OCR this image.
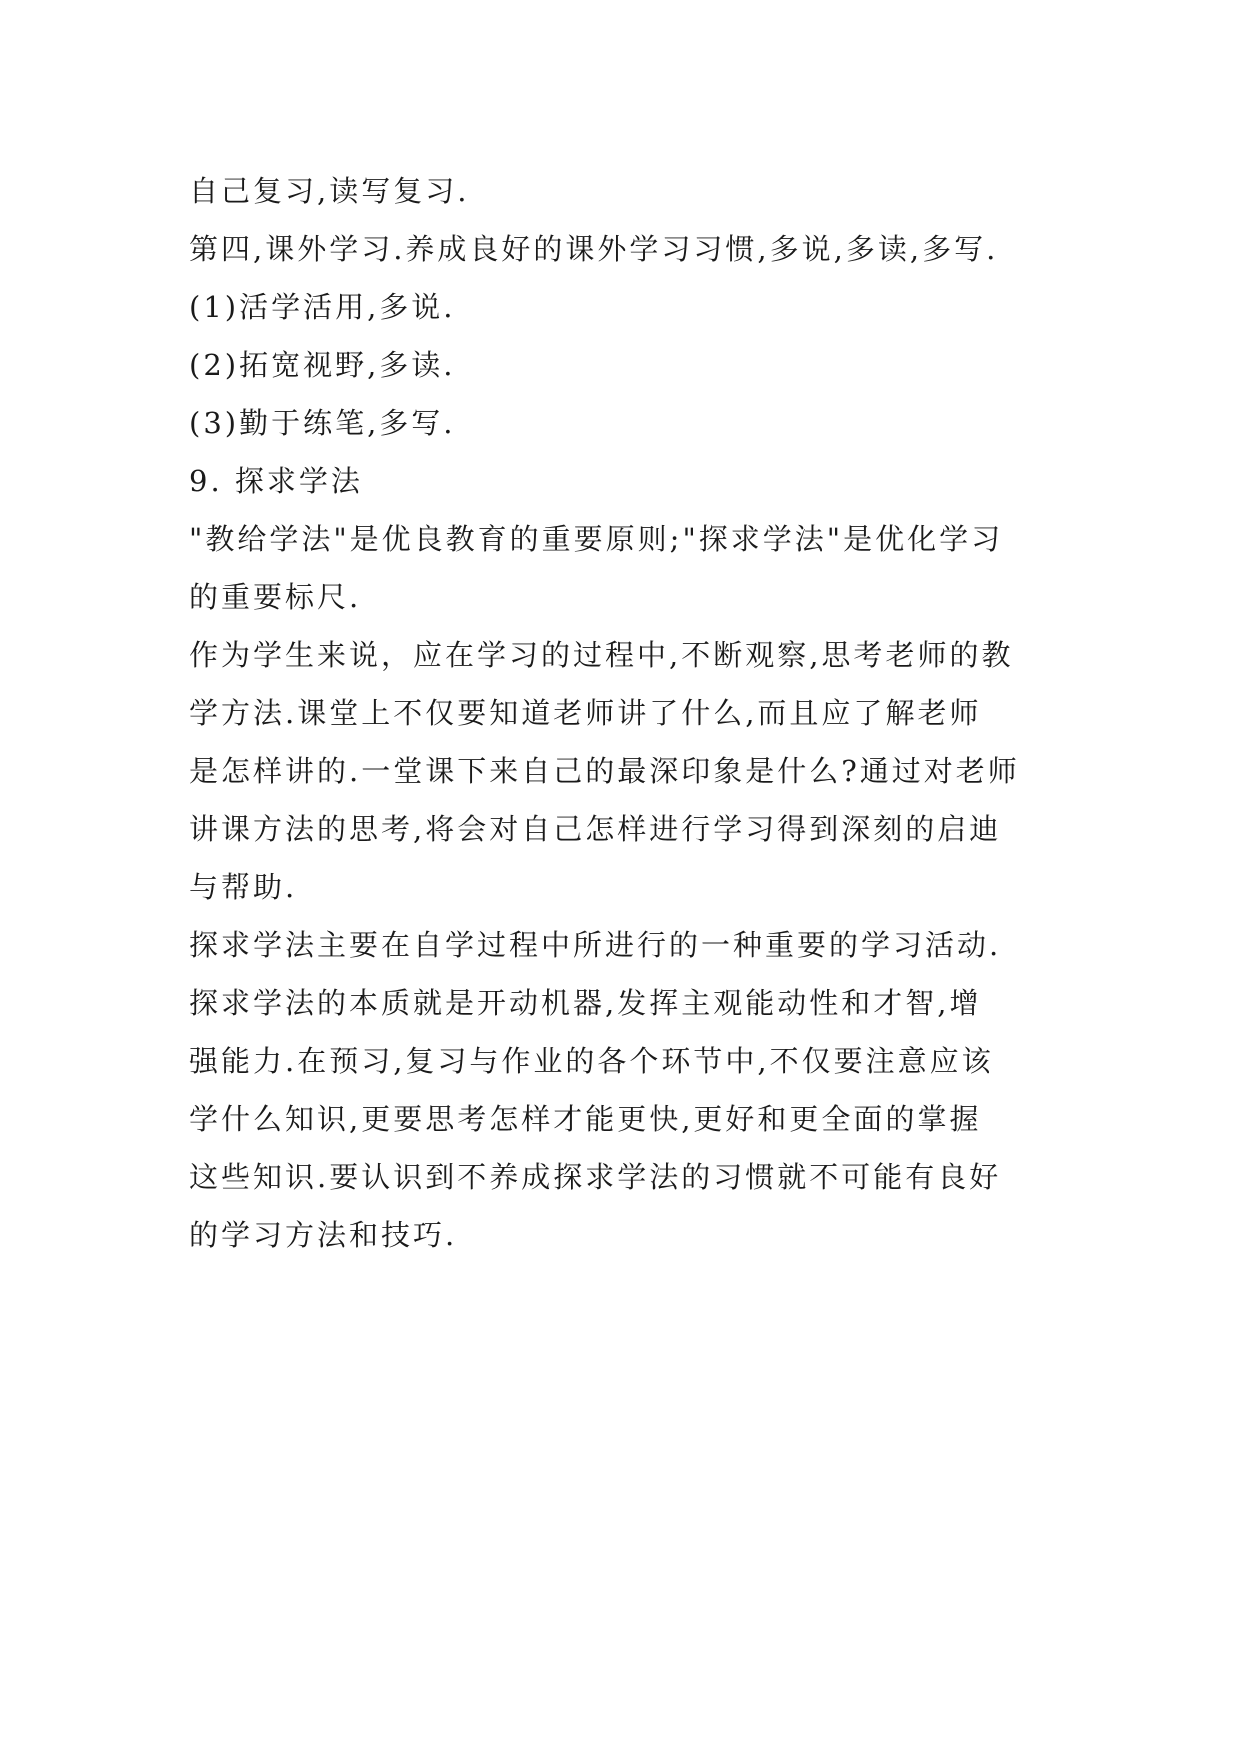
自己复习,读写复习.
第四,课外学习.养成良好的课外学习习惯,多说,多读,多写.
(1)活学活用,多说.
(2)拓宽视野,多读.
(3)勤于练笔,多写.
9. 探求学法
"教给学法"是优良教育的重要原则;"探求学法"是优化学习
的重要标尺.
作为学生来说，应在学习的过程中,不断观察,思考老师的教
学方法.课堂上不仅要知道老师讲了什么,而且应了解老师
是怎样讲的.一堂课下来自己的最深印象是什么?通过对老师
讲课方法的思考,将会对自己怎样进行学习得到深刻的启迪
与帮助.
探求学法主要在自学过程中所进行的一种重要的学习活动.
探求学法的本质就是开动机器,发挥主观能动性和才智,增
强能力.在预习,复习与作业的各个环节中,不仅要注意应该
学什么知识,更要思考怎样才能更快,更好和更全面的掌握
这些知识.要认识到不养成探求学法的习惯就不可能有良好
的学习方法和技巧.
